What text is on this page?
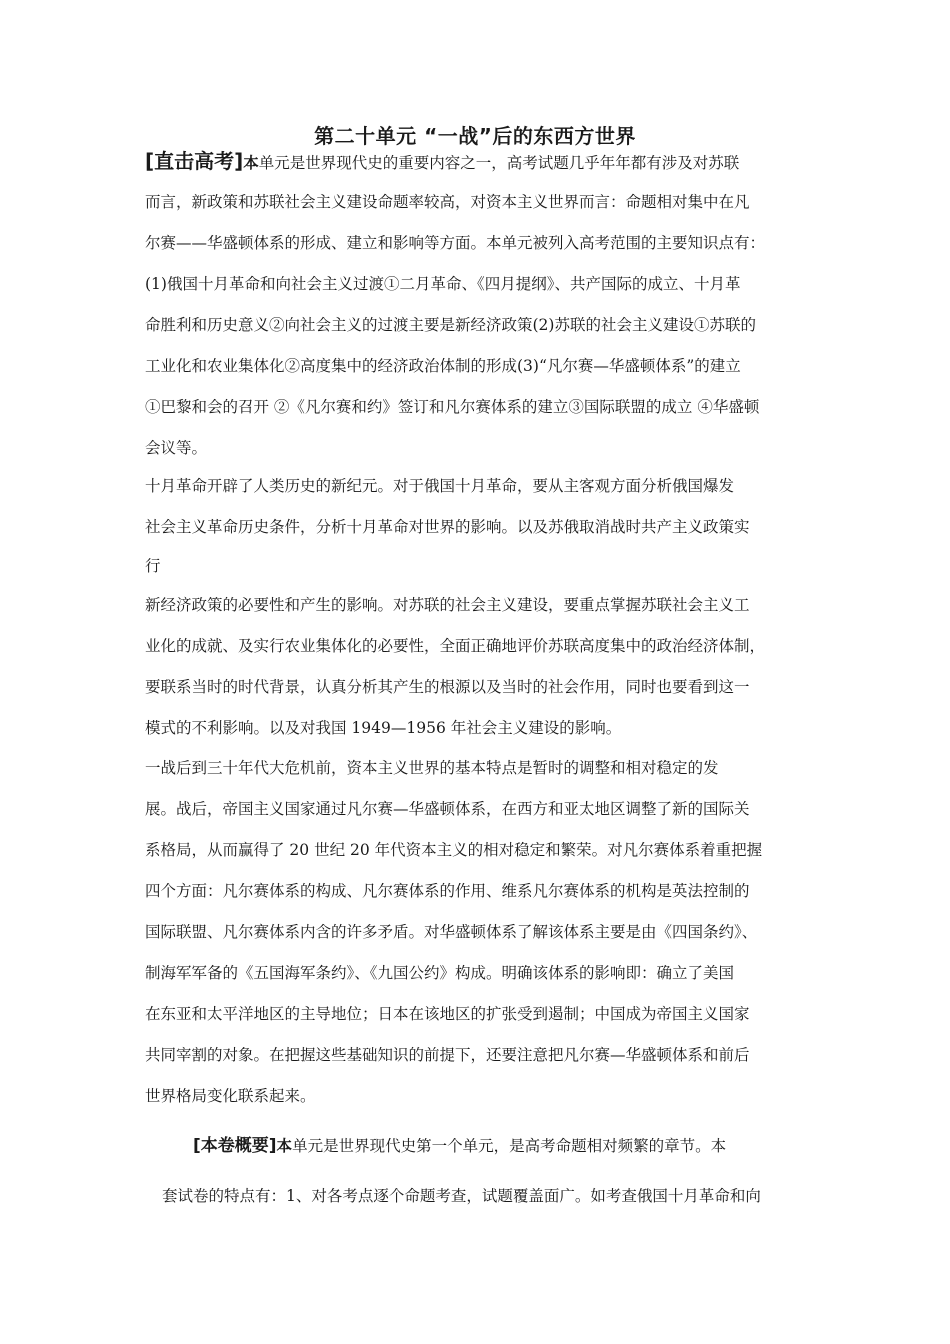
第二十单元 “一战”后的东西方世界
[直击高考]本单元是世界现代史的重要内容之一，高考试题几乎年年都有涉及对苏联
而言，新政策和苏联社会主义建设命题率较高，对资本主义世界而言：命题相对集中在凡
尔赛——华盛顿体系的形成、建立和影响等方面。本单元被列入高考范围的主要知识点有：
(1)俄国十月革命和向社会主义过渡①二月革命、《四月提纲》、共产国际的成立、十月革
命胜利和历史意义②向社会主义的过渡主要是新经济政策(2)苏联的社会主义建设①苏联的
工业化和农业集体化②高度集中的经济政治体制的形成(3)“凡尔赛—华盛顿体系”的建立
①巴黎和会的召开 ②《凡尔赛和约》签订和凡尔赛体系的建立③国际联盟的成立 ④华盛顿
会议等。
十月革命开辟了人类历史的新纪元。对于俄国十月革命，要从主客观方面分析俄国爆发
社会主义革命历史条件，分析十月革命对世界的影响。以及苏俄取消战时共产主义政策实
行
新经济政策的必要性和产生的影响。对苏联的社会主义建设，要重点掌握苏联社会主义工
业化的成就、及实行农业集体化的必要性，全面正确地评价苏联高度集中的政治经济体制，
要联系当时的时代背景，认真分析其产生的根源以及当时的社会作用，同时也要看到这一
模式的不利影响。以及对我国 1949—1956 年社会主义建设的影响。
一战后到三十年代大危机前，资本主义世界的基本特点是暂时的调整和相对稳定的发
展。战后，帝国主义国家通过凡尔赛—华盛顿体系，在西方和亚太地区调整了新的国际关
系格局，从而赢得了 20 世纪 20 年代资本主义的相对稳定和繁荣。对凡尔赛体系着重把握
四个方面：凡尔赛体系的构成、凡尔赛体系的作用、维系凡尔赛体系的机构是英法控制的
国际联盟、凡尔赛体系内含的许多矛盾。对华盛顿体系了解该体系主要是由《四国条约》、
制海军军备的《五国海军条约》、《九国公约》构成。明确该体系的影响即：确立了美国
在东亚和太平洋地区的主导地位；日本在该地区的扩张受到遏制；中国成为帝国主义国家
共同宰割的对象。在把握这些基础知识的前提下，还要注意把凡尔赛—华盛顿体系和前后
世界格局变化联系起来。
[本卷概要]本单元是世界现代史第一个单元，是高考命题相对频繁的章节。本
套试卷的特点有：1、对各考点逐个命题考查，试题覆盖面广。如考查俄国十月革命和向
